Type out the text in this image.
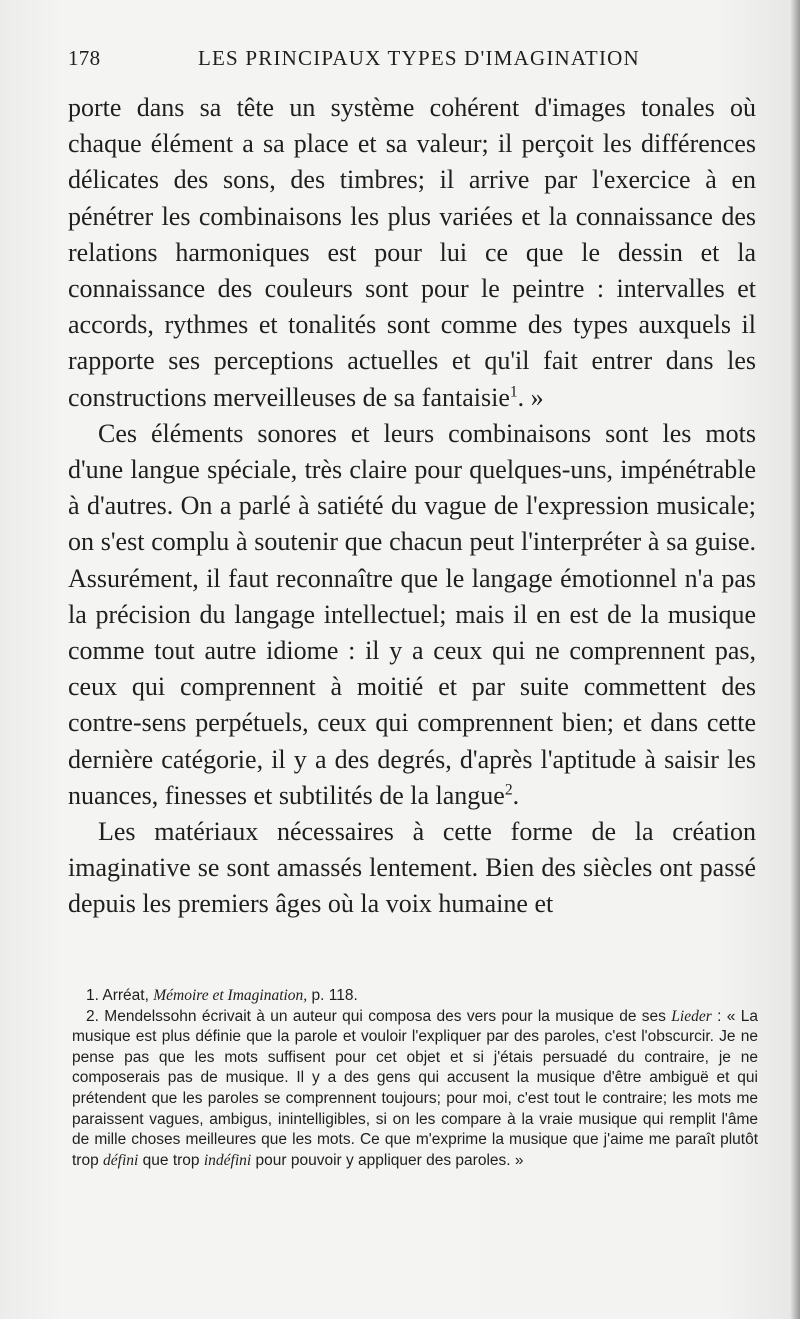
178	LES PRINCIPAUX TYPES D'IMAGINATION

porte dans sa tête un système cohérent d'images tonales où chaque élément a sa place et sa valeur; il perçoit les différences délicates des sons, des timbres; il arrive par l'exercice à en pénétrer les combinaisons les plus variées et la connaissance des relations harmoniques est pour lui ce que le dessin et la connaissance des couleurs sont pour le peintre : intervalles et accords, rythmes et tonalités sont comme des types auxquels il rapporte ses perceptions actuelles et qu'il fait entrer dans les constructions merveilleuses de sa fantaisie$^1$. »

Ces éléments sonores et leurs combinaisons sont les mots d'une langue spéciale, très claire pour quelques-uns, impénétrable à d'autres. On a parlé à satiété du vague de l'expression musicale; on s'est complu à soutenir que chacun peut l'interpréter à sa guise. Assurément, il faut reconnaître que le langage émotionnel n'a pas la précision du langage intellectuel; mais il en est de la musique comme tout autre idiome : il y a ceux qui ne comprennent pas, ceux qui comprennent à moitié et par suite commettent des contre-sens perpétuels, ceux qui comprennent bien; et dans cette dernière catégorie, il y a des degrés, d'après l'aptitude à saisir les nuances, finesses et subtilités de la langue$^2$.

Les matériaux nécessaires à cette forme de la création imaginative se sont amassés lentement. Bien des siècles ont passé depuis les premiers âges où la voix humaine et

1. Arréat, Mémoire et Imagination, p. 118.

2. Mendelssohn écrivait à un auteur qui composa des vers pour la musique de ses Lieder : « La musique est plus définie que la parole et vouloir l'expliquer par des paroles, c'est l'obscurcir. Je ne pense pas que les mots suffisent pour cet objet et si j'étais persuadé du contraire, je ne composerais pas de musique. Il y a des gens qui accusent la musique d'être ambiguë et qui prétendent que les paroles se comprennent toujours; pour moi, c'est tout le contraire; les mots me paraissent vagues, ambigus, inintelligibles, si on les compare à la vraie musique qui remplit l'âme de mille choses meilleures que les mots. Ce que m'exprime la musique que j'aime me paraît plutôt trop défini que trop indéfini pour pouvoir y appliquer des paroles. »
